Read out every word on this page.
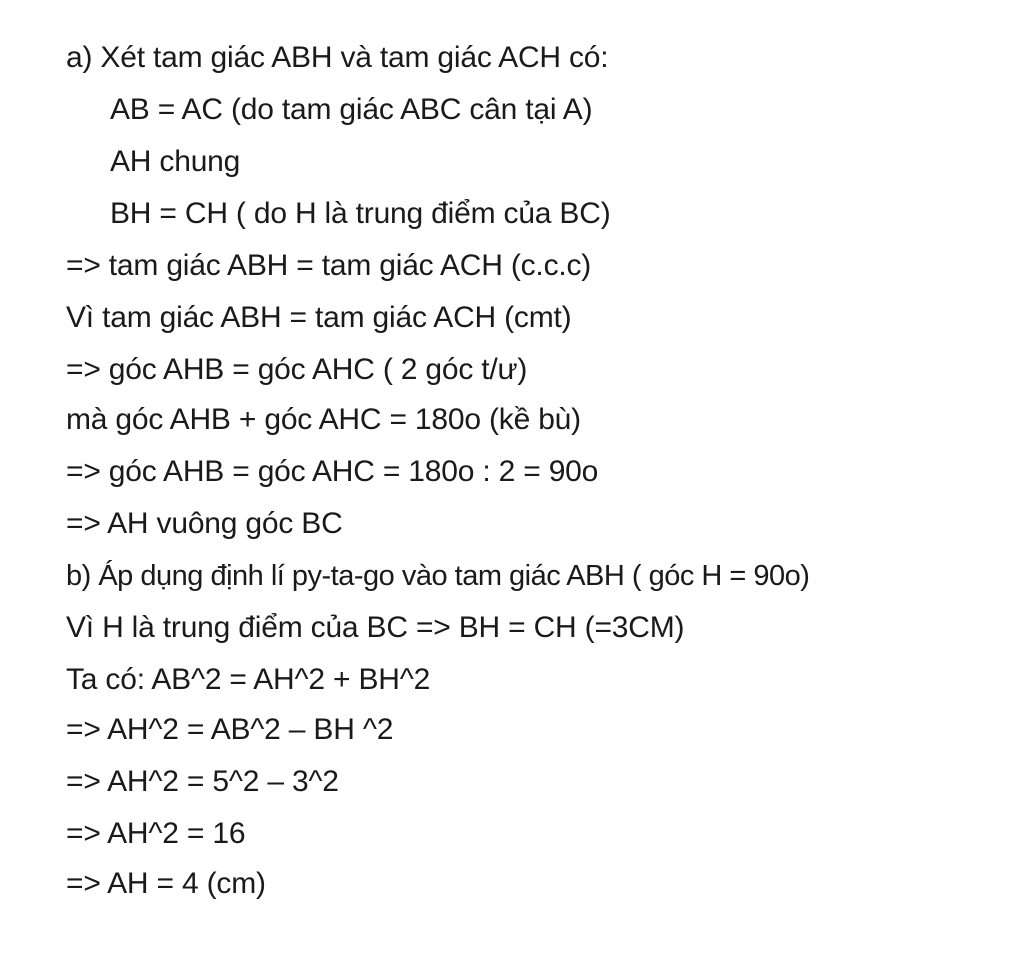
a) Xét tam giác ABH và tam giác ACH có:
AB = AC (do tam giác ABC cân tại A)
AH chung
BH = CH ( do H là trung điểm của BC)
=> tam giác ABH = tam giác ACH (c.c.c)
Vì tam giác ABH = tam giác ACH (cmt)
=> góc AHB = góc AHC ( 2 góc t/ư)
mà góc AHB + góc AHC = 180o (kề bù)
=> góc AHB = góc AHC = 180o : 2 = 90o
=> AH vuông góc BC
b) Áp dụng định lí py-ta-go vào tam giác ABH ( góc H = 90o)
Vì H là trung điểm của BC => BH = CH (=3CM)
Ta có: AB^2 = AH^2 + BH^2
=> AH^2 = AB^2 – BH ^2
=> AH^2 = 5^2 – 3^2
=> AH^2 = 16
=> AH = 4 (cm)
